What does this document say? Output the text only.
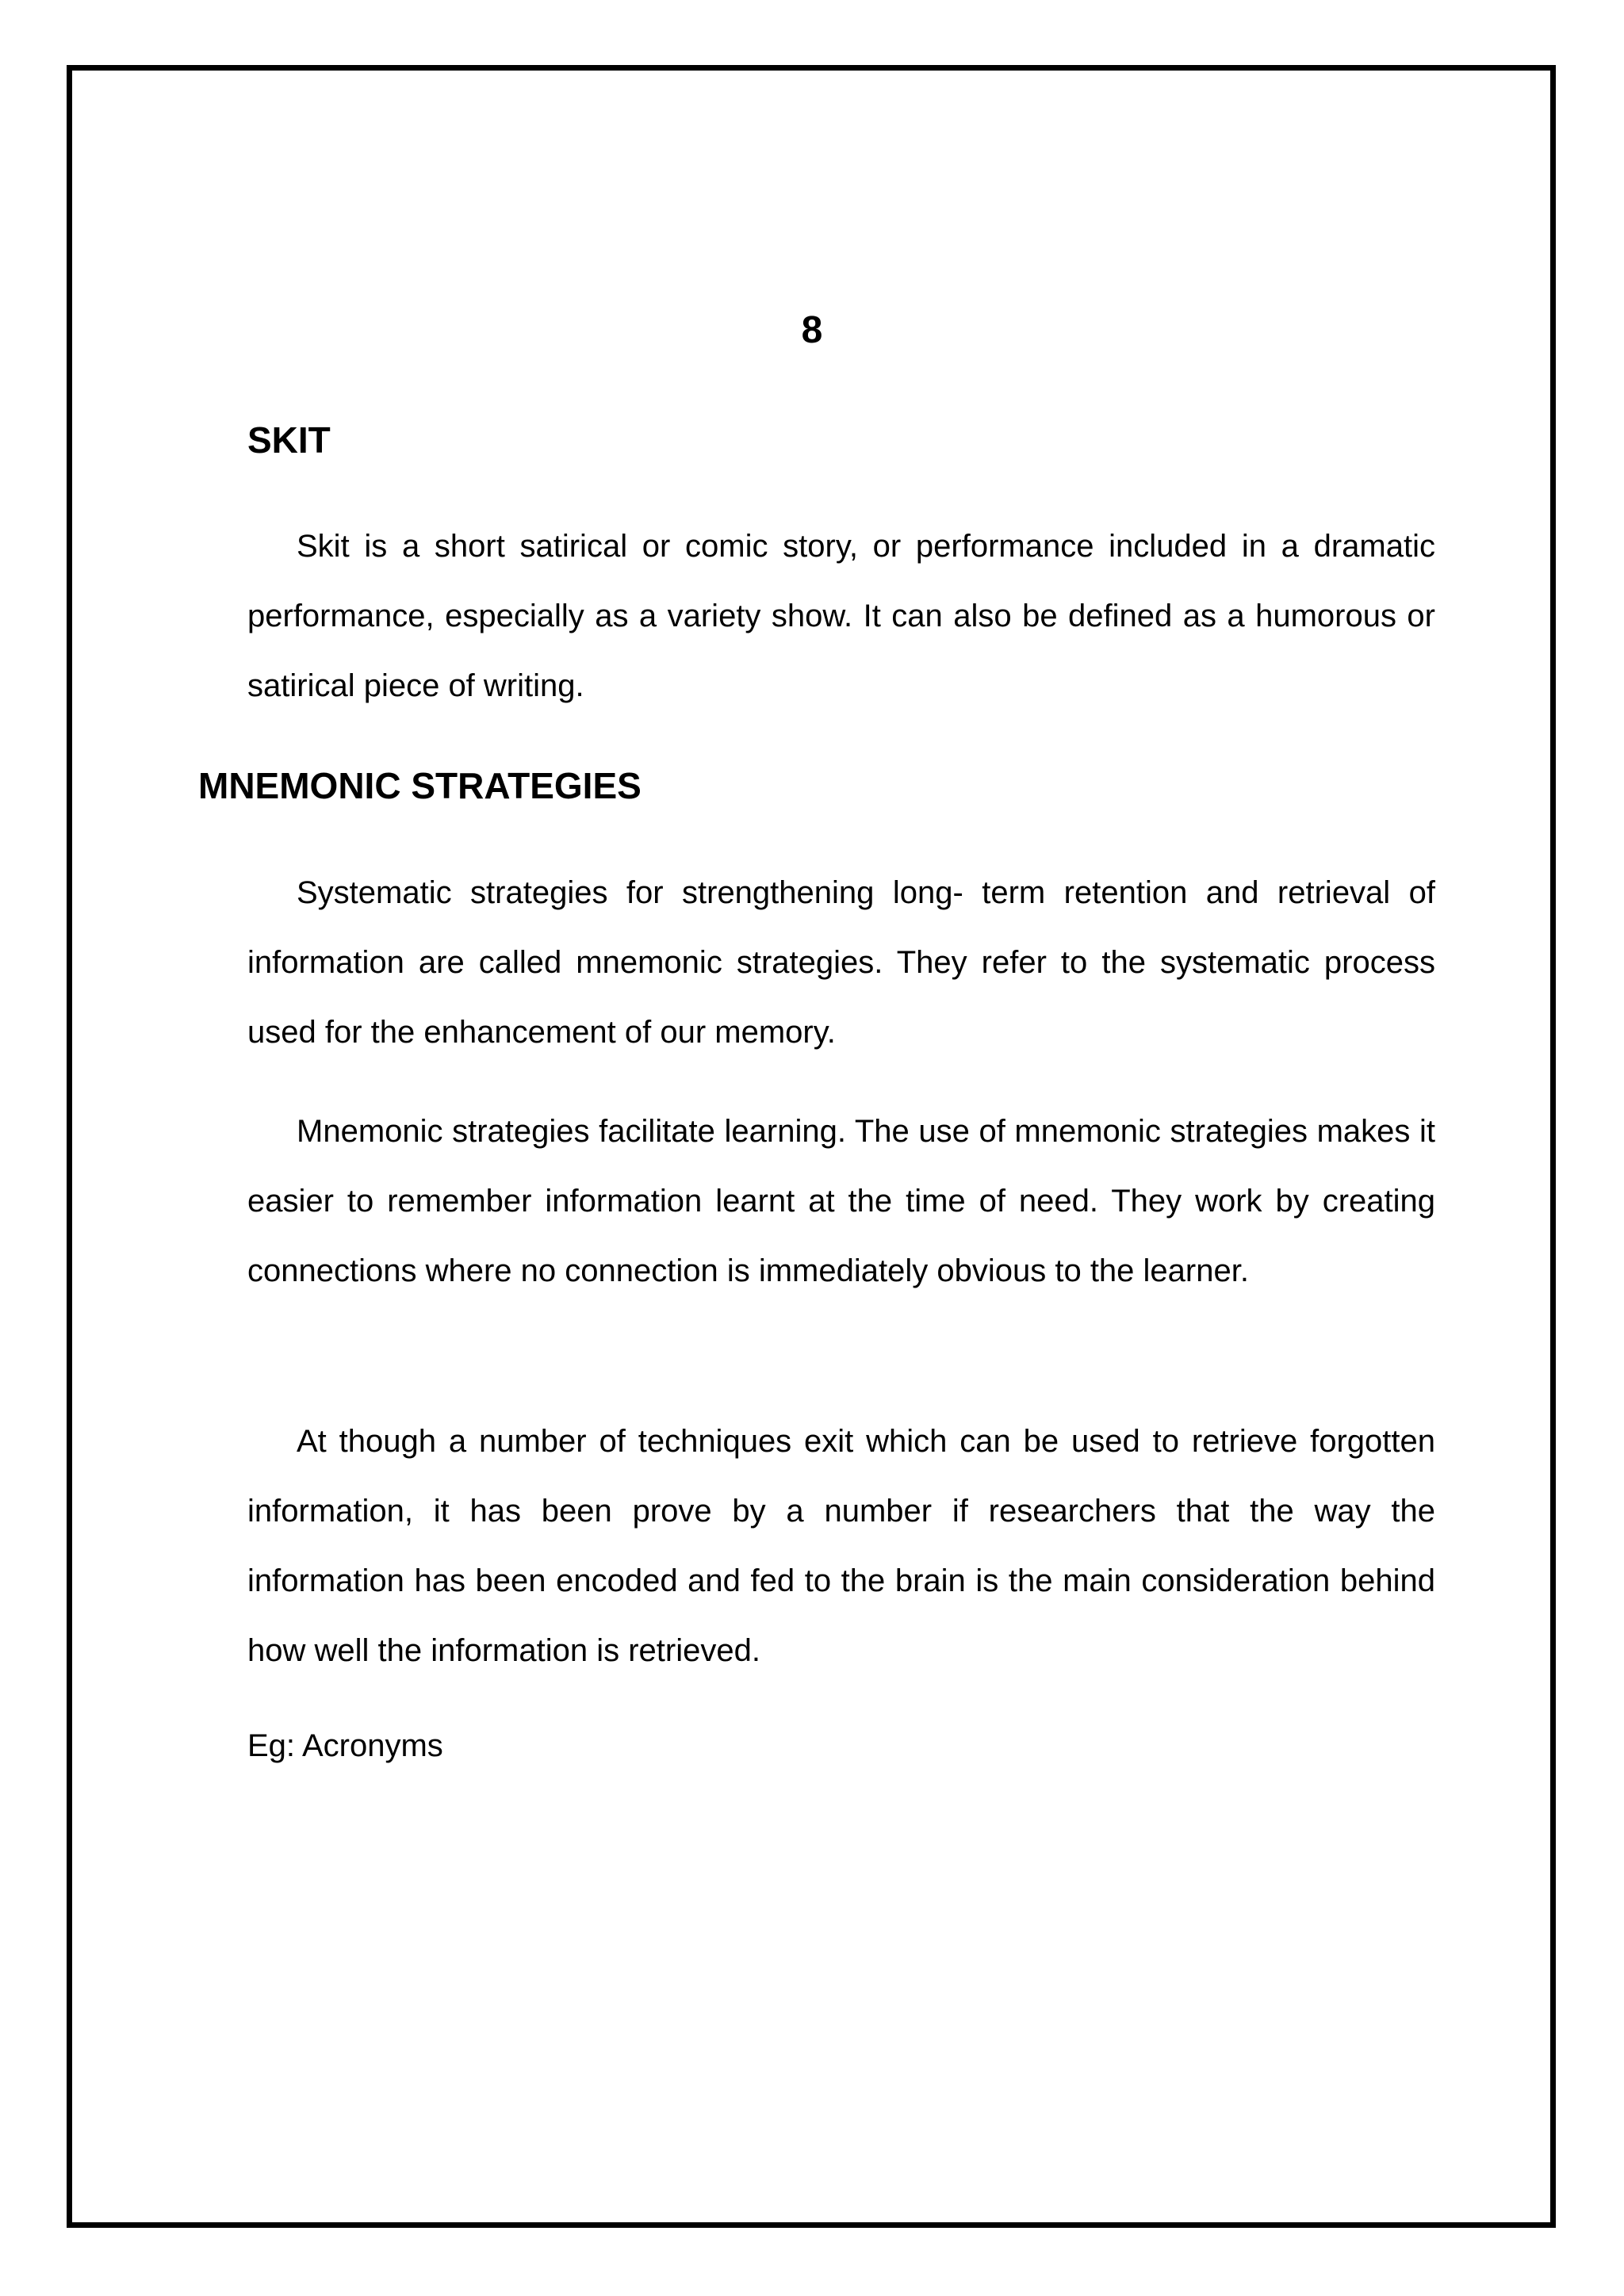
8
SKIT

Skit is a short satirical or comic story, or performance included in a dramatic performance, especially as a variety show. It can also be defined as a humorous or satirical piece of writing.

MNEMONIC STRATEGIES

Systematic strategies for strengthening long- term retention and retrieval of information are called mnemonic strategies. They refer to the systematic process used for the enhancement of our memory.

Mnemonic strategies facilitate learning. The use of mnemonic strategies makes it easier to remember information learnt at the time of need. They work by creating connections where no connection is immediately obvious to the learner.

At though a number of techniques exit which can be used to retrieve forgotten information, it has been prove by a number if researchers that the way the information has been encoded and fed to the brain is the main consideration behind how well the information is retrieved.

Eg: Acronyms
